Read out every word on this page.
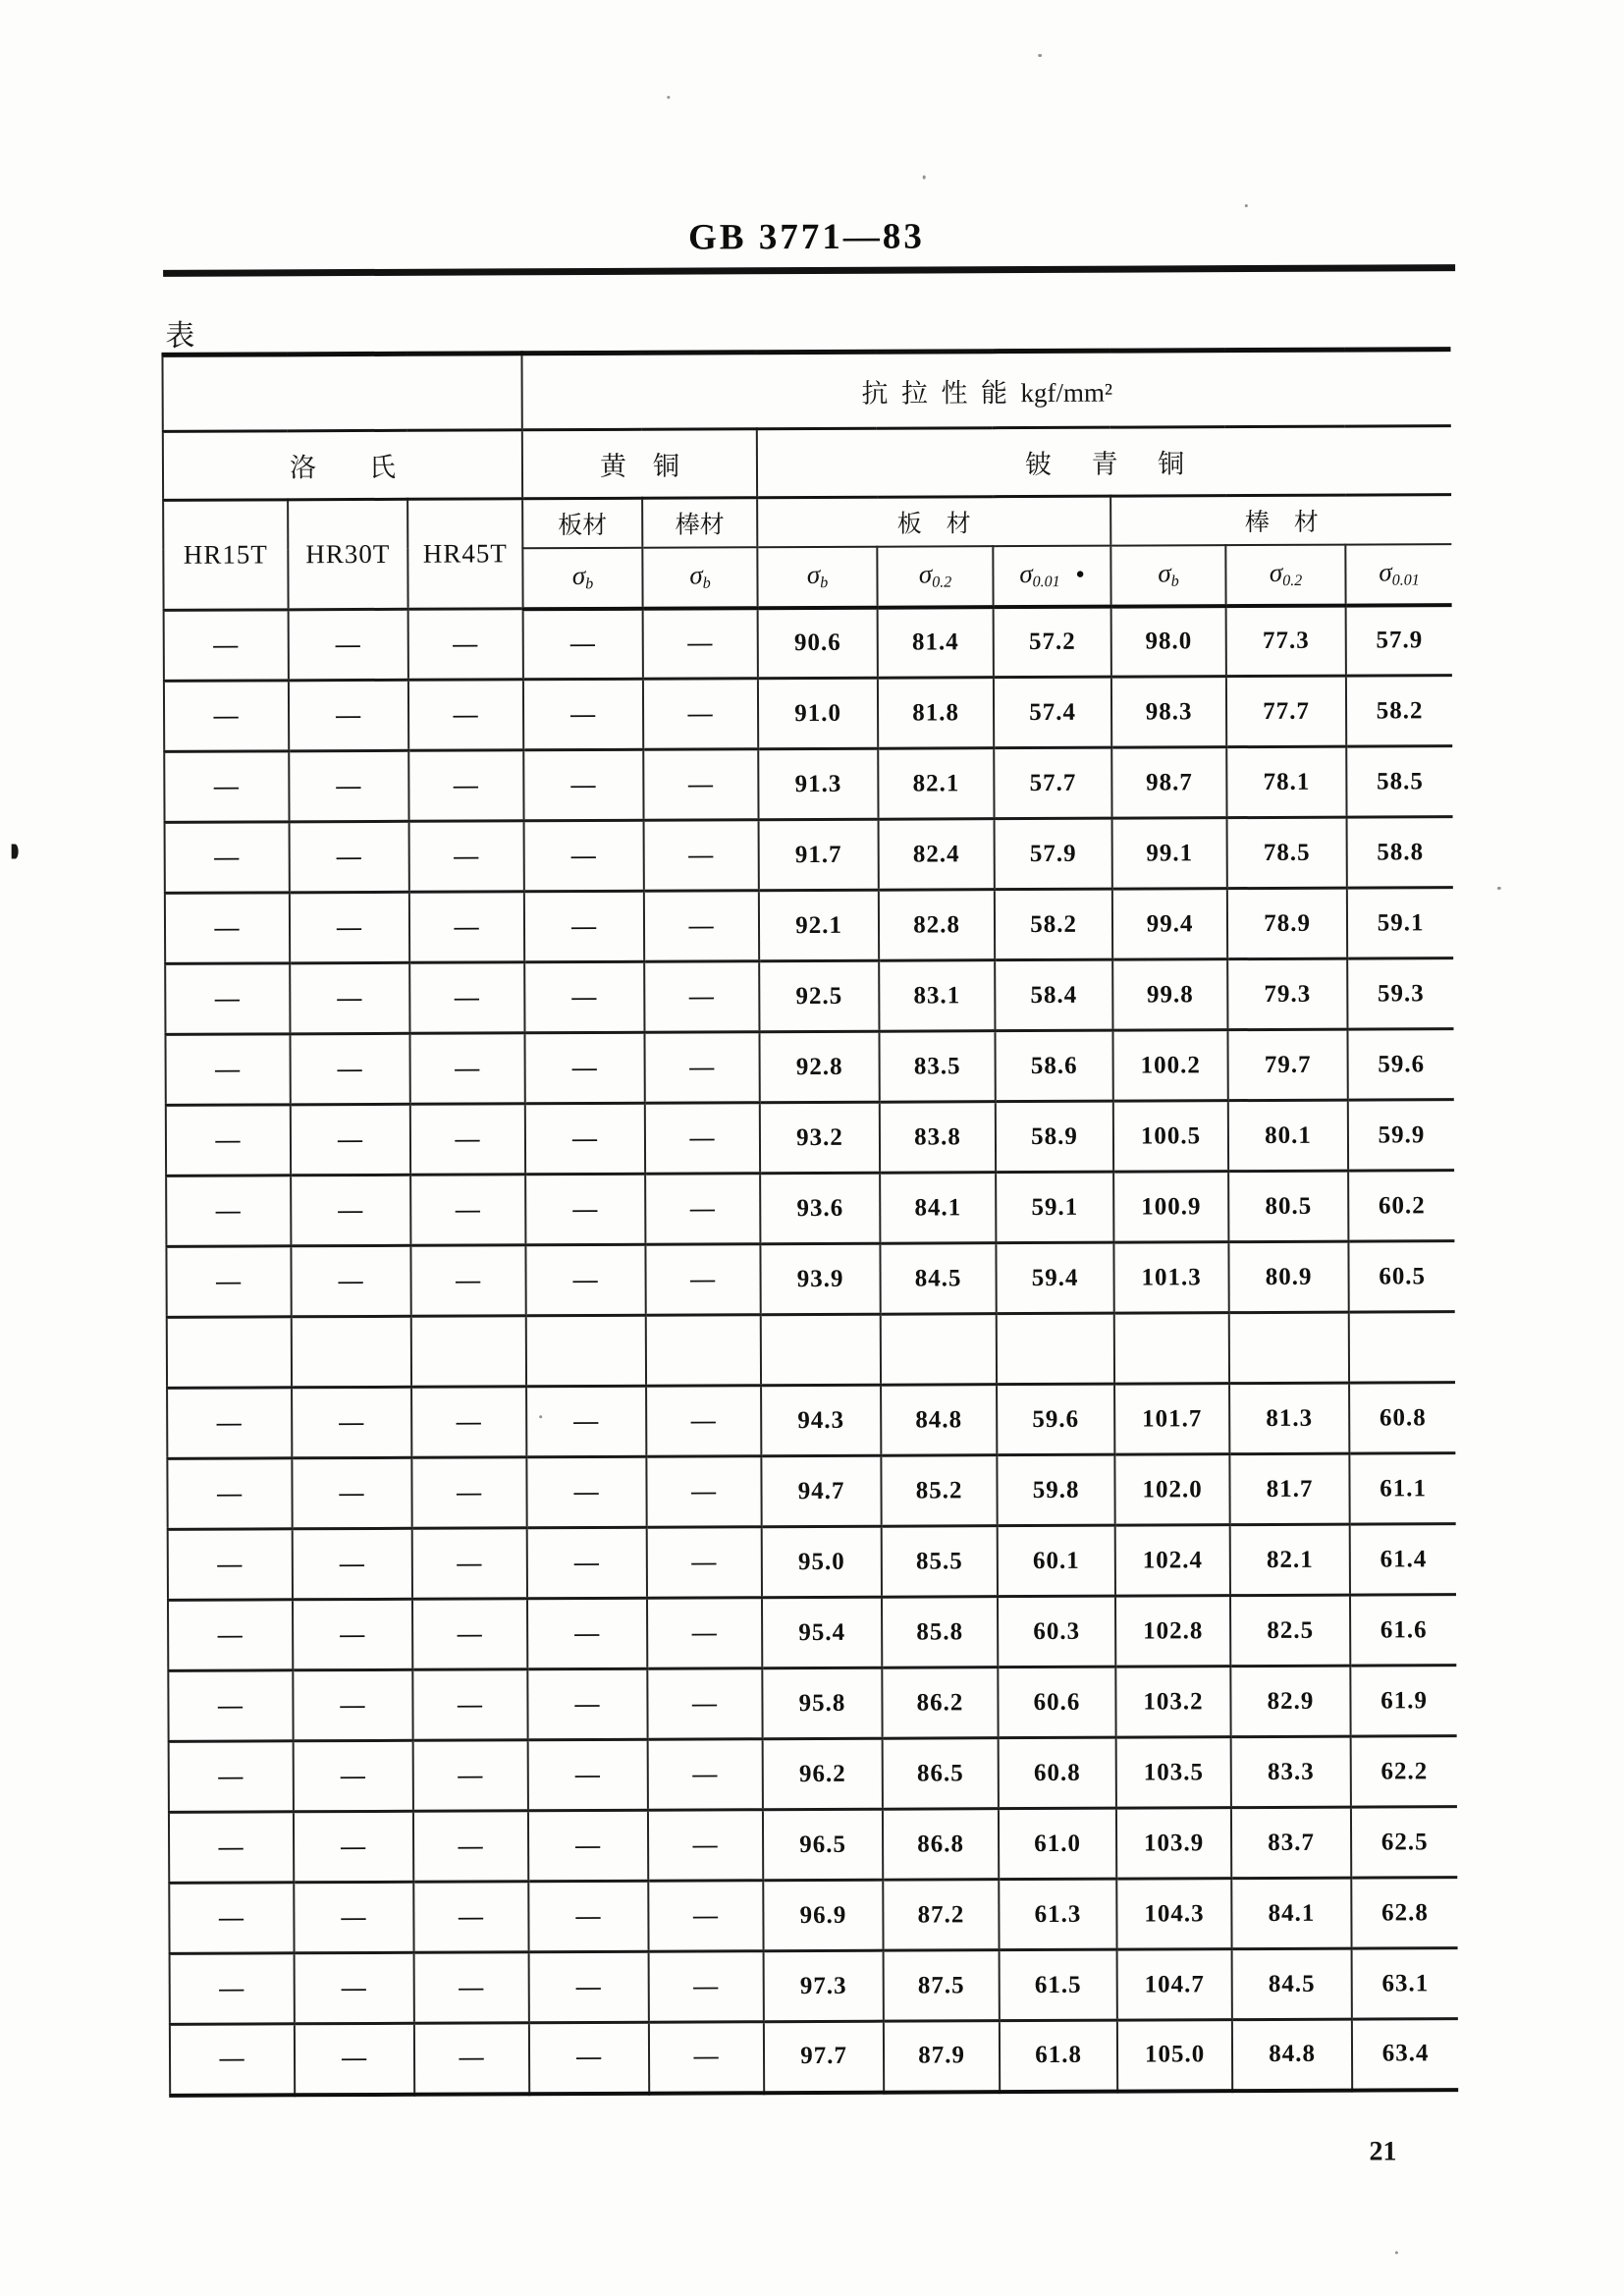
GB 3771—83
表
			抗  拉  性  能  kgf/mm²							
洛        氏			黄    铜		铍      青      铜					
HR15T	HR30T	HR45T	板材	棒材	板    材			棒    材		
			$\sigma_b$	$\sigma_b$	$\sigma_b$	$\sigma_{0.2}$	$\sigma_{0.01}$ ●	$\sigma_b$	$\sigma_{0.2}$	$\sigma_{0.01}$
—	—	—	—	—	90.6	81.4	57.2	98.0	77.3	57.9
—	—	—	—	—	91.0	81.8	57.4	98.3	77.7	58.2
—	—	—	—	—	91.3	82.1	57.7	98.7	78.1	58.5
—	—	—	—	—	91.7	82.4	57.9	99.1	78.5	58.8
—	—	—	—	—	92.1	82.8	58.2	99.4	78.9	59.1
—	—	—	—	—	92.5	83.1	58.4	99.8	79.3	59.3
—	—	—	—	—	92.8	83.5	58.6	100.2	79.7	59.6
—	—	—	—	—	93.2	83.8	58.9	100.5	80.1	59.9
—	—	—	—	—	93.6	84.1	59.1	100.9	80.5	60.2
—	—	—	—	—	93.9	84.5	59.4	101.3	80.9	60.5

—	—	—	—	—	94.3	84.8	59.6	101.7	81.3	60.8
—	—	—	—	—	94.7	85.2	59.8	102.0	81.7	61.1
—	—	—	—	—	95.0	85.5	60.1	102.4	82.1	61.4
—	—	—	—	—	95.4	85.8	60.3	102.8	82.5	61.6
—	—	—	—	—	95.8	86.2	60.6	103.2	82.9	61.9
—	—	—	—	—	96.2	86.5	60.8	103.5	83.3	62.2
—	—	—	—	—	96.5	86.8	61.0	103.9	83.7	62.5
—	—	—	—	—	96.9	87.2	61.3	104.3	84.1	62.8
—	—	—	—	—	97.3	87.5	61.5	104.7	84.5	63.1
—	—	—	—	—	97.7	87.9	61.8	105.0	84.8	63.4
21
